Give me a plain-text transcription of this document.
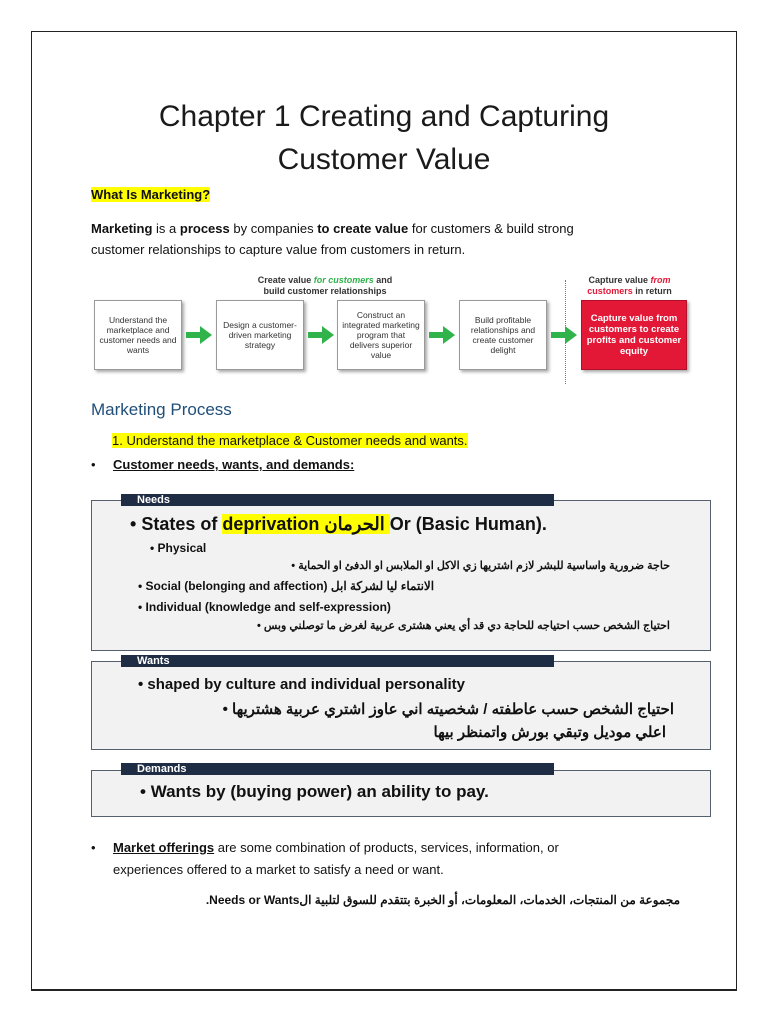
Chapter 1 Creating and Capturing
Customer Value
What Is Marketing?
Marketing is a process by companies to create value for customers & build strong
customer relationships to capture value from customers in return.
Create value for customers and
build customer relationships
Capture value from
customers in return
Understand the marketplace and customer needs and wants
Design a customer-driven marketing strategy
Construct an integrated marketing program that delivers superior value
Build profitable relationships and create customer delight
Capture value from customers to create profits and customer equity
Marketing Process
1. Understand the marketplace & Customer needs and wants.
• Customer needs, wants, and demands:
• States of deprivation الحرمان Or (Basic Human).
• Physical
حاجة ضرورية واساسية للبشر لازم اشتريها زي الاكل او الملابس او الدفئ او الحماية •
• Social (belonging and affection) الانتماء ليا لشركة ابل
• Individual (knowledge and self-expression)
احتياج الشخص حسب احتياجه للحاجة دي قد أي يعني هشترى عربية لغرض ما توصلني وبس •
Needs
• shaped by culture and individual personality
احتياج الشخص حسب عاطفته / شخصيته اني عاوز اشتري عربية هشتريها •
اعلي موديل وتبقي بورش واتمنظر بيها
Wants
• Wants by (buying power) an ability to pay.
Demands
• Market offerings are some combination of products, services, information, or
experiences offered to a market to satisfy a need or want.
مجموعة من المنتجات، الخدمات، المعلومات، أو الخبرة بتتقدم للسوق لتلبية الNeeds or Wants.
